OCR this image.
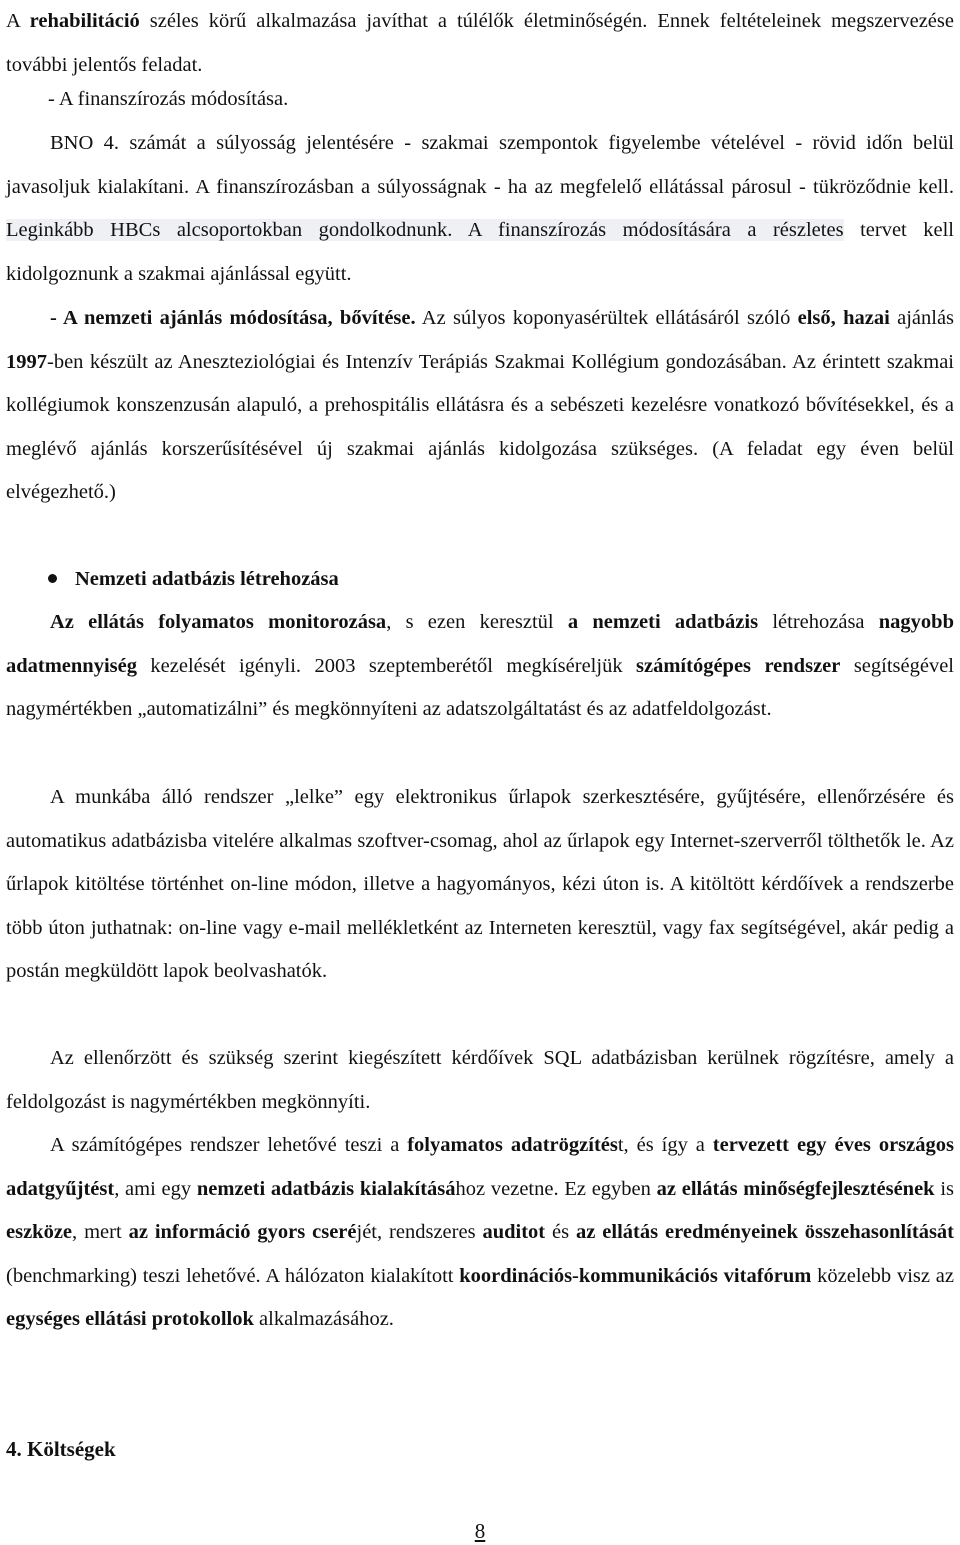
A rehabilitáció széles körű alkalmazása javíthat a túlélők életminőségén. Ennek feltételeinek megszervezése további jelentős feladat.

- A finanszírozás módosítása.

BNO 4. számát a súlyosság jelentésére - szakmai szempontok figyelembe vételével - rövid időn belül javasoljuk kialakítani. A finanszírozásban a súlyosságnak - ha az megfelelő ellátással párosul - tükröződnie kell. Leginkább HBCs alcsoportokban gondolkodnunk. A finanszírozás módosítására a részletes tervet kell kidolgoznunk a szakmai ajánlással együtt.

- A nemzeti ajánlás módosítása, bővítése. Az súlyos koponyasérültek ellátásáról szóló első, hazai ajánlás 1997-ben készült az Aneszteziológiai és Intenzív Terápiás Szakmai Kollégium gondozásában. Az érintett szakmai kollégiumok konszenzusán alapuló, a prehospitális ellátásra és a sebészeti kezelésre vonatkozó bővítésekkel, és a meglévő ajánlás korszerűsítésével új szakmai ajánlás kidolgozása szükséges. (A feladat egy éven belül elvégezhető.)

Nemzeti adatbázis létrehozása

Az ellátás folyamatos monitorozása, s ezen keresztül a nemzeti adatbázis létrehozása nagyobb adatmennyiség kezelését igényli. 2003 szeptemberétől megkíséreljük számítógépes rendszer segítségével nagymértékben „automatizálni” és megkönnyíteni az adatszolgáltatást és az adatfeldolgozást.

A munkába álló rendszer „lelke” egy elektronikus űrlapok szerkesztésére, gyűjtésére, ellenőrzésére és automatikus adatbázisba vitelére alkalmas szoftver-csomag, ahol az űrlapok egy Internet-szerverről tölthetők le. Az űrlapok kitöltése történhet on-line módon, illetve a hagyományos, kézi úton is. A kitöltött kérdőívek a rendszerbe több úton juthatnak: on-line vagy e-mail mellékletként az Interneten keresztül, vagy fax segítségével, akár pedig a postán megküldött lapok beolvashatók.

Az ellenőrzött és szükség szerint kiegészített kérdőívek SQL adatbázisban kerülnek rögzítésre, amely a feldolgozást is nagymértékben megkönnyíti.

A számítógépes rendszer lehetővé teszi a folyamatos adatrögzítést, és így a tervezett egy éves országos adatgyűjtést, ami egy nemzeti adatbázis kialakításához vezetne. Ez egyben az ellátás minőségfejlesztésének is eszköze, mert az információ gyors cseréjét, rendszeres auditot és az ellátás eredményeinek összehasonlítását (benchmarking) teszi lehetővé. A hálózaton kialakított koordinációs-kommunikációs vitafórum közelebb visz az egységes ellátási protokollok alkalmazásához.

4. Költségek
8
